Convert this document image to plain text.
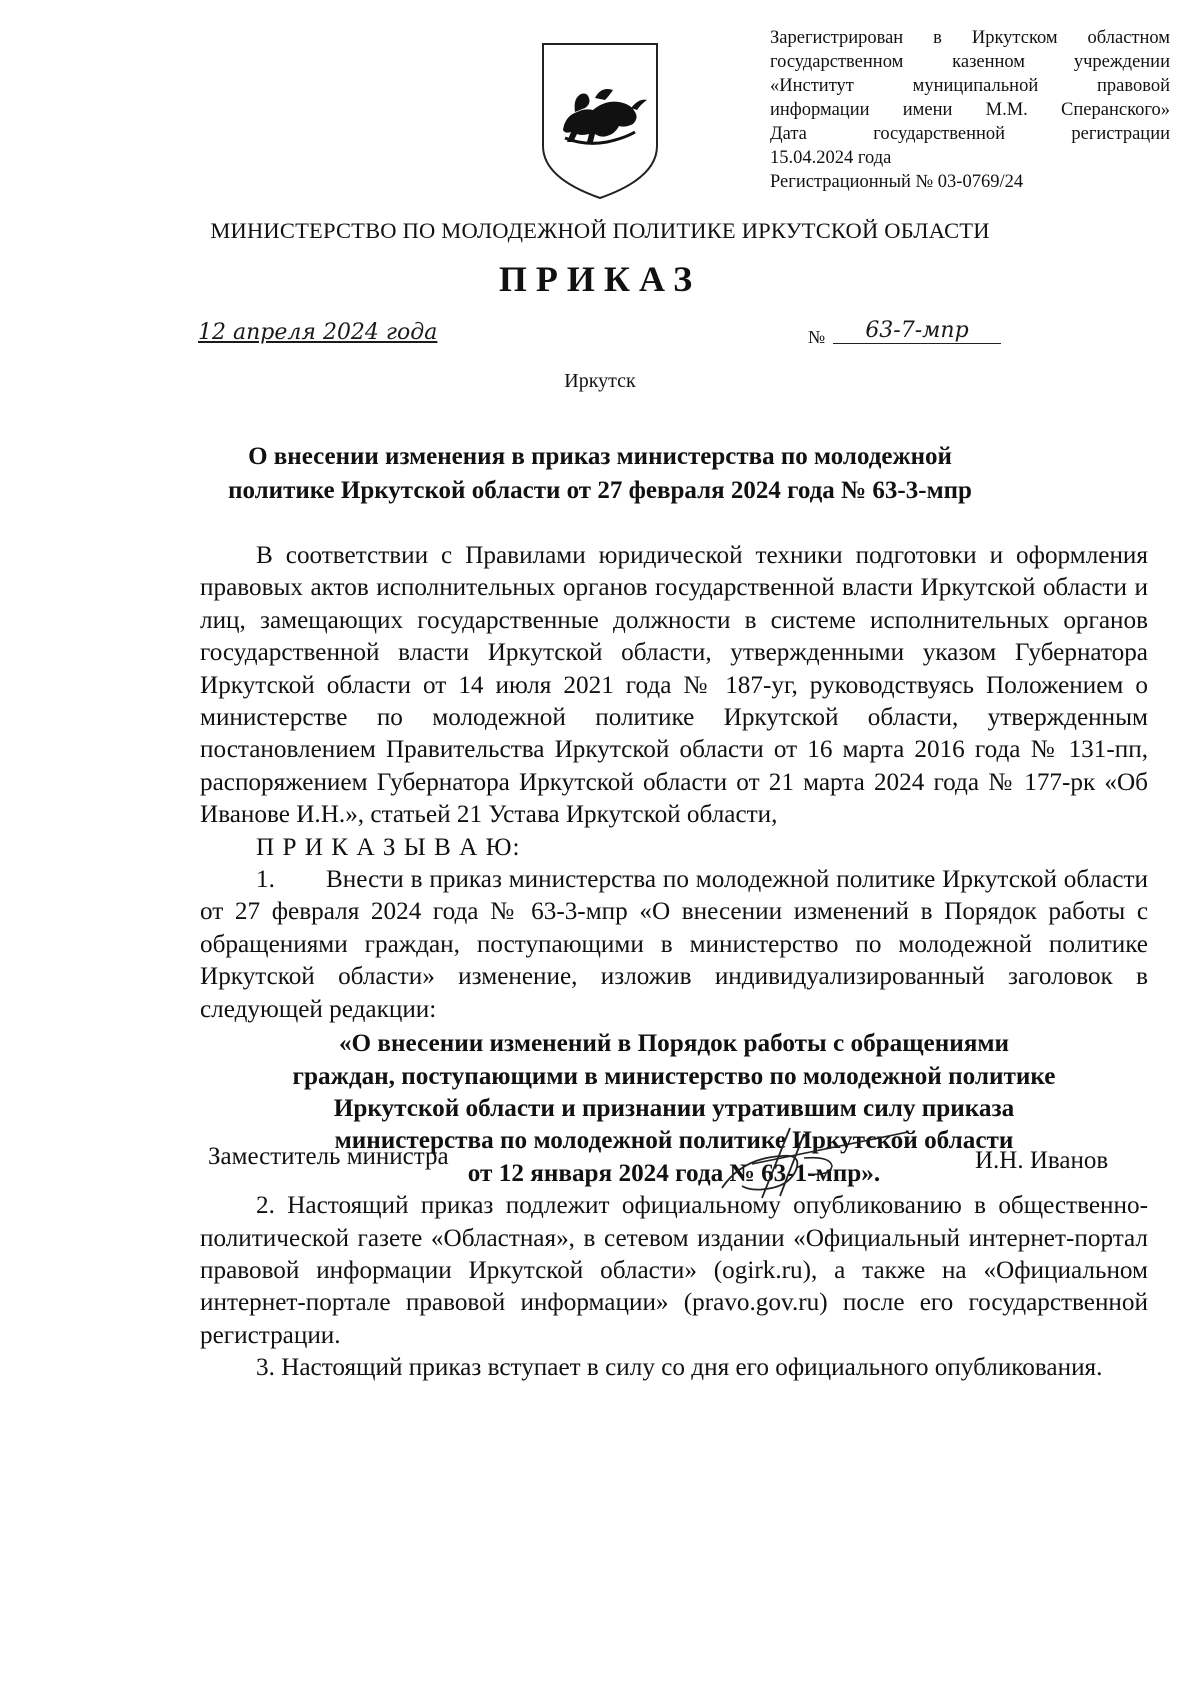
Зарегистрирован в Иркутском областном
государственном казенном учреждении
«Институт муниципальной правовой
информации имени М.М. Сперанского»
Дата государственной регистрации
15.04.2024 года
Регистрационный № 03-0769/24
МИНИСТЕРСТВО ПО МОЛОДЕЖНОЙ ПОЛИТИКЕ ИРКУТСКОЙ ОБЛАСТИ
ПРИКАЗ
12 апреля 2024 года	№	63-7-мпр
Иркутск
О внесении изменения в приказ министерства по молодежной
политике Иркутской области от 27 февраля 2024 года № 63-3-мпр

В соответствии с Правилами юридической техники подготовки и оформления правовых актов исполнительных органов государственной власти Иркутской области и лиц, замещающих государственные должности в системе исполнительных органов государственной власти Иркутской области, утвержденными указом Губернатора Иркутской области от 14 июля 2021 года № 187-уг, руководствуясь Положением о министерстве по молодежной политике Иркутской области, утвержденным постановлением Правительства Иркутской области от 16 марта 2016 года № 131-пп, распоряжением Губернатора Иркутской области от 21 марта 2024 года № 177-рк «Об Иванове И.Н.», статьей 21 Устава Иркутской области,

П Р И К А З Ы В А Ю:

1. Внести в приказ министерства по молодежной политике Иркутской области от 27 февраля 2024 года № 63-3-мпр «О внесении изменений в Порядок работы с обращениями граждан, поступающими в министерство по молодежной политике Иркутской области» изменение, изложив индивидуализированный заголовок в следующей редакции:

«О внесении изменений в Порядок работы с обращениями
граждан, поступающими в министерство по молодежной политике
Иркутской области и признании утратившим силу приказа
министерства по молодежной политике Иркутской области
от 12 января 2024 года № 63-1-мпр».

2. Настоящий приказ подлежит официальному опубликованию в общественно-политической газете «Областная», в сетевом издании «Официальный интернет-портал правовой информации Иркутской области» (ogirk.ru), а также на «Официальном интернет-портале правовой информации» (pravo.gov.ru) после его государственной регистрации.

3. Настоящий приказ вступает в силу со дня его официального опубликования.

Заместитель министра	И.Н. Иванов
